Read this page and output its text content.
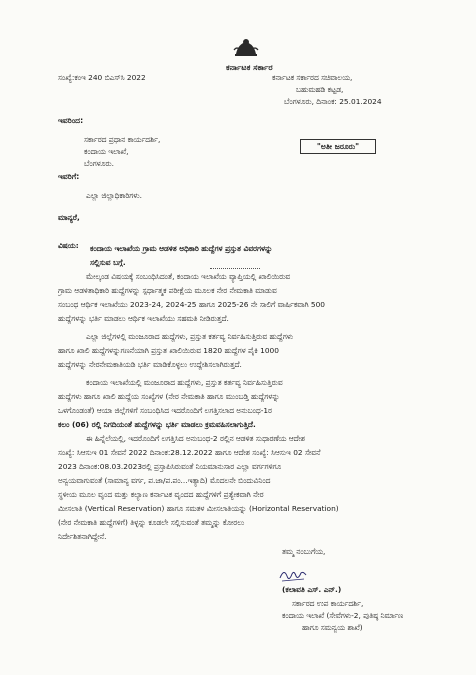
ಕರ್ನಾಟಕ ಸರ್ಕಾರ
ಸಂಖ್ಯೆ:ಕಂಇ 240 ಬಿಎಸ್‌ಸಿ 2022	ಕರ್ನಾಟಕ ಸರ್ಕಾರದ ಸಚಿವಾಲಯ,
ಬಹುಮಹಡಿ ಕಟ್ಟಡ,
ಬೆಂಗಳೂರು, ದಿನಾಂಕ: 25.01.2024
ಇವರಿಂದ:
ಸರ್ಕಾರದ ಪ್ರಧಾನ ಕಾರ್ಯದರ್ಶಿ,
ಕಂದಾಯ ಇಲಾಖೆ,
ಬೆಂಗಳೂರು.
"ಅತೀ ಜರೂರು"
ಇವರಿಗೆ:
ಎಲ್ಲಾ ಜಿಲ್ಲಾಧಿಕಾರಿಗಳು.
ಮಾನ್ಯರೆ,
ವಿಷಯ: ಕಂದಾಯ ಇಲಾಖೆಯ ಗ್ರಾಮ ಆಡಳಿತ ಅಧಿಕಾರಿ ಹುದ್ದೆಗಳ ಪ್ರಸ್ತುತ ವಿವರಗಳನ್ನು
ಸಲ್ಲಿಸುವ ಬಗ್ಗೆ.
ಮೇಲ್ಕಂಡ ವಿಷಯಕ್ಕೆ ಸಂಬಂಧಿಸಿದಂತೆ, ಕಂದಾಯ ಇಲಾಖೆಯ ವ್ಯಾಪ್ತಿಯಲ್ಲಿ ಖಾಲಿಯಿರುವ
ಗ್ರಾಮ ಆಡಳಿತಾಧಿಕಾರಿ ಹುದ್ದೆಗಳನ್ನು ಸ್ಪರ್ಧಾತ್ಮಕ ಪರೀಕ್ಷೆಯ ಮೂಲಕ ನೇರ ನೇಮಕಾತಿ ಮಾಡುವ
ಸಂಬಂಧ ಆರ್ಥಿಕ ಇಲಾಖೆಯು 2023-24, 2024-25 ಹಾಗೂ 2025-26 ನೇ ಸಾಲಿಗೆ ವಾರ್ಷಿಕವಾಗಿ 500
ಹುದ್ದೆಗಳನ್ನು ಭರ್ತಿ ಮಾಡಲು ಆರ್ಥಿಕ ಇಲಾಖೆಯು ಸಹಮತಿ ನೀಡಿರುತ್ತದೆ.
ಎಲ್ಲಾ ಜಿಲ್ಲೆಗಳಲ್ಲಿ ಮಂಜೂರಾದ ಹುದ್ದೆಗಳು, ಪ್ರಸ್ತುತ ಕರ್ತವ್ಯ ನಿರ್ವಹಿಸುತ್ತಿರುವ ಹುದ್ದೆಗಳು
ಹಾಗೂ ಖಾಲಿ ಹುದ್ದೆಗಳನ್ನುಗಣನೆಯಾಗಿ ಪ್ರಸ್ತುತ ಖಾಲಿಯಿರುವ 1820 ಹುದ್ದೆಗಳ ಪೈಕಿ 1000
ಹುದ್ದೆಗಳನ್ನು ನೇರನೇಮಕಾತಿಯಡಿ ಭರ್ತಿ ಮಾಡಿಕೊಳ್ಳಲು ಉದ್ದೇಶಿಸಲಾಗಿರುತ್ತದೆ.
ಕಂದಾಯ ಇಲಾಖೆಯಲ್ಲಿ ಮಂಜೂರಾದ ಹುದ್ದೆಗಳು, ಪ್ರಸ್ತುತ ಕರ್ತವ್ಯ ನಿರ್ವಹಿಸುತ್ತಿರುವ
ಹುದ್ದೆಗಳು ಹಾಗೂ ಖಾಲಿ ಹುದ್ದೆಯ ಸಂಖ್ಯೆಗಳ (ನೇರ ನೇಮಕಾತಿ ಹಾಗೂ ಮುಂಬಡ್ತಿ ಹುದ್ದೆಗಳನ್ನು
ಒಳಗೊಂಡಂತೆ) ಆಯಾ ಜಿಲ್ಲೆಗಳಿಗೆ ಸಂಬಂಧಿಸಿದ ಇದರೊಂದಿಗೆ ಲಗತ್ತಿಸಲಾದ ಅನುಬಂಧ-1ರ
ಕಲಂ (06) ರಲ್ಲಿ ನಿಗದಿಯಂತೆ ಹುದ್ದೆಗಳನ್ನು ಭರ್ತಿ ಮಾಡಲು ಕ್ರಮವಹಿಸಲಾಗುತ್ತಿದೆ.
ಈ ಹಿನ್ನೆಲೆಯಲ್ಲಿ, ಇದರೊಂದಿಗೆ ಲಗತ್ತಿಸಿದ ಅನುಬಂಧ-2 ರಲ್ಲಿನ ಆಡಳಿತ ಸುಧಾರಣೆಯ ಆದೇಶ
ಸಂಖ್ಯೆ: ಸಿಆಸುಇ 01 ಸೇವನೆ 2022 ದಿನಾಂಕ:28.12.2022 ಹಾಗೂ ಆದೇಶ ಸಂಖ್ಯೆ: ಸಿಆಸುಇ 02 ಸೇವನೆ
2023 ದಿನಾಂಕ:08.03.2023ರಲ್ಲಿ ಪ್ರಸ್ತಾಪಿಸಿರುವಂತೆ ನಿಯಮಾನುಸಾರ ಎಲ್ಲಾ ವರ್ಗಗಳಿಗೂ
ಅನ್ವಯವಾಗುವಂತೆ (ಸಾಮಾನ್ಯ ವರ್ಗ, ಪ.ಜಾ/ಪ.ಪಂ...ಇತ್ಯಾದಿ) ಮೊದಲನೇ ಬಿಂದುವಿನಿಂದ
ಸ್ಥಳೀಯ ಮೂಲ ವೃಂದ ಮತ್ತು ಕಲ್ಯಾಣ ಕರ್ನಾಟಕ ವೃಂದದ ಹುದ್ದೆಗಳಿಗೆ ಪ್ರತ್ಯೇಕವಾಗಿ ನೇರ
ಮೀಸಲಾತಿ (Vertical Reservation) ಹಾಗೂ ಸಮತಳ ಮೀಸಲಾತಿಯನ್ನು (Horizontal Reservation)
(ನೇರ ನೇಮಕಾತಿ ಹುದ್ದೆಗಳಿಗೆ) ತಿಳ್ಳನ್ನು ಕೂಡಲೇ ಸಲ್ಲಿಸುವಂತೆ ತಮ್ಮನ್ನು ಕೋರಲು
ನಿರ್ದೇಶಿತನಾಗಿದ್ದೇನೆ.
ತಮ್ಮ ನಂಬುಗೆಯ,
(ಕಲಾವತಿ ಎಸ್. ಎನ್.)
ಸರ್ಕಾರದ ಉಪ ಕಾರ್ಯದರ್ಶಿ,
ಕಂದಾಯ ಇಲಾಖೆ (ಸೇವೆಗಳು-2, ಪುತಿಷ್ಠ ನಿರ್ಮಾಣ
ಹಾಗೂ ಸಮನ್ವಯ ಶಾಖೆ)
